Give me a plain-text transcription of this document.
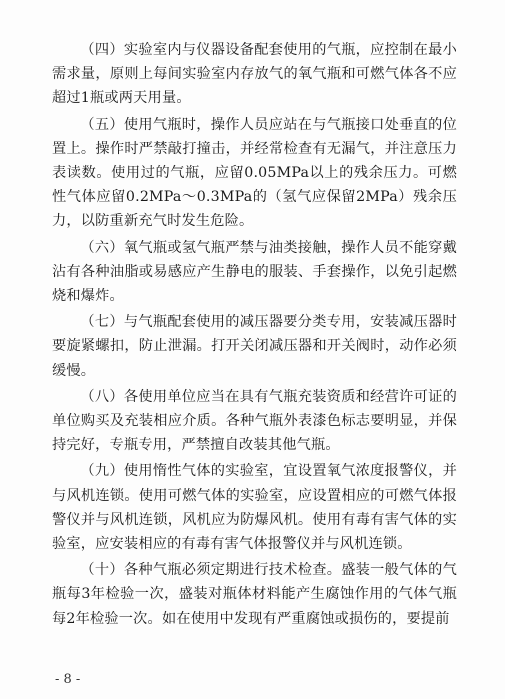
（四）实验室内与仪器设备配套使用的气瓶，应控制在最小需求量，原则上每间实验室内存放气的氧气瓶和可燃气体各不应超过1瓶或两天用量。

（五）使用气瓶时，操作人员应站在与气瓶接口处垂直的位置上。操作时严禁敲打撞击，并经常检查有无漏气，并注意压力表读数。使用过的气瓶，应留0.05MPa以上的残余压力。可燃性气体应留0.2MPa～0.3MPa的（氢气应保留2MPa）残余压力，以防重新充气时发生危险。

（六）氧气瓶或氢气瓶严禁与油类接触，操作人员不能穿戴沾有各种油脂或易感应产生静电的服装、手套操作，以免引起燃烧和爆炸。

（七）与气瓶配套使用的减压器要分类专用，安装减压器时要旋紧螺扣，防止泄漏。打开关闭减压器和开关阀时，动作必须缓慢。

（八）各使用单位应当在具有气瓶充装资质和经营许可证的单位购买及充装相应介质。各种气瓶外表漆色标志要明显，并保持完好，专瓶专用，严禁擅自改装其他气瓶。

（九）使用惰性气体的实验室，宜设置氧气浓度报警仪，并与风机连锁。使用可燃气体的实验室，应设置相应的可燃气体报警仪并与风机连锁，风机应为防爆风机。使用有毒有害气体的实验室，应安装相应的有毒有害气体报警仪并与风机连锁。

（十）各种气瓶必须定期进行技术检查。盛装一般气体的气瓶每3年检验一次，盛装对瓶体材料能产生腐蚀作用的气体气瓶每2年检验一次。如在使用中发现有严重腐蚀或损伤的，要提前

- 8 -
